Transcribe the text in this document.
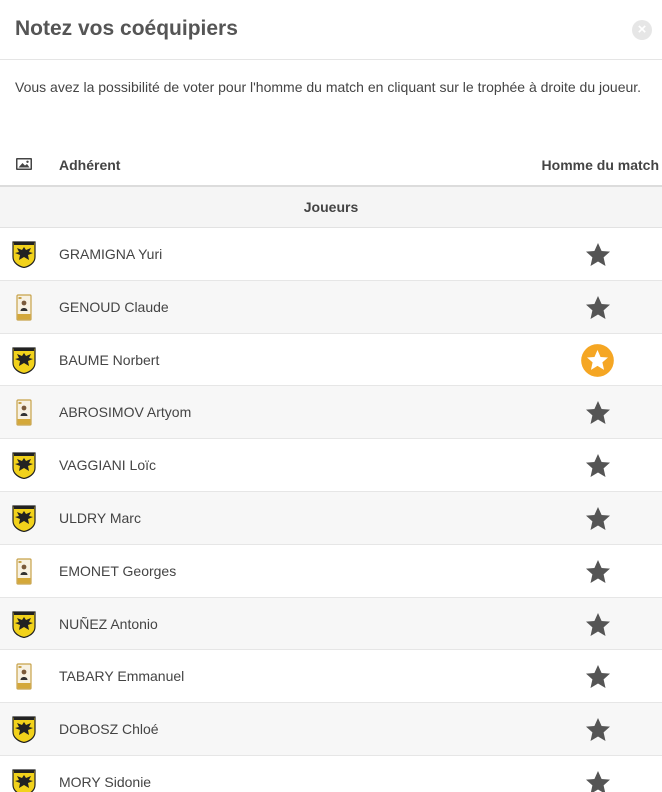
Notez vos coéquipiers	×
Vous avez la possibilité de voter pour l'homme du match en cliquant sur le trophée à droite du joueur.
Adhérent	Homme du match
Joueurs
GRAMIGNA Yuri
GENOUD Claude
BAUME Norbert
ABROSIMOV Artyom
VAGGIANI Loïc
ULDRY Marc
EMONET Georges
NUÑEZ Antonio
TABARY Emmanuel
DOBOSZ Chloé
MORY Sidonie
